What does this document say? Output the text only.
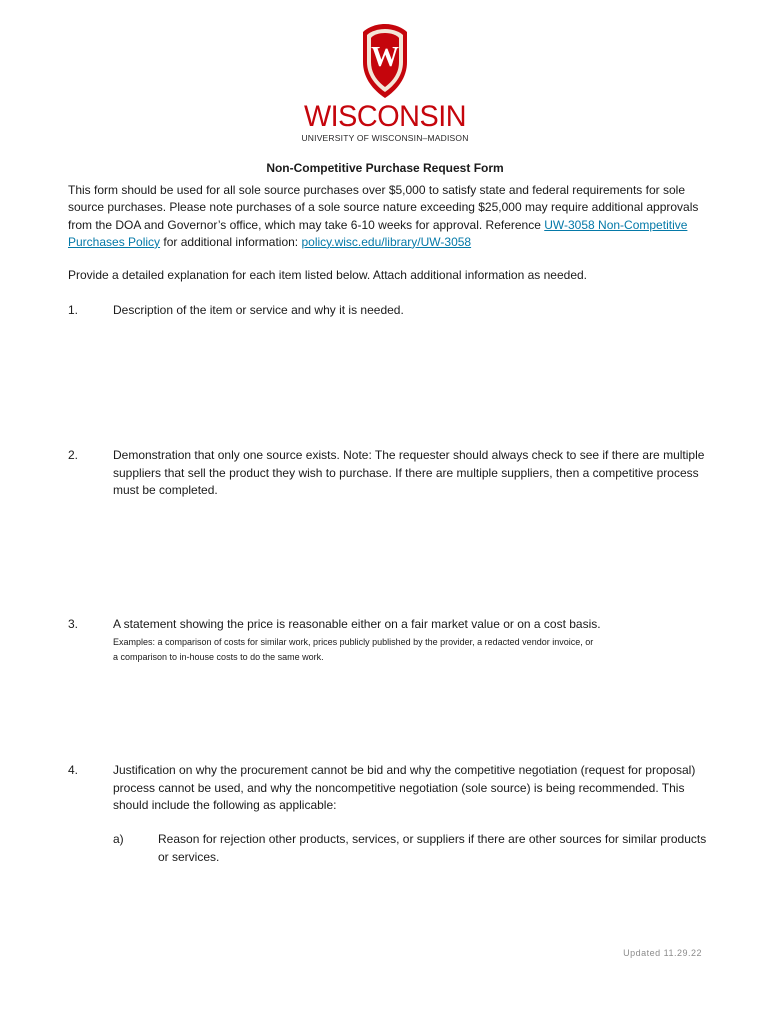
W
WISCONSIN
UNIVERSITY OF WISCONSIN–MADISON
Non-Competitive Purchase Request Form
This form should be used for all sole source purchases over $5,000 to satisfy state and federal requirements for sole source purchases. Please note purchases of a sole source nature exceeding $25,000 may require additional approvals from the DOA and Governor’s office, which may take 6-10 weeks for approval. Reference UW-3058 Non-Competitive Purchases Policy for additional information: policy.wisc.edu/library/UW-3058
Provide a detailed explanation for each item listed below. Attach additional information as needed.
1.	Description of the item or service and why it is needed.
2.	Demonstration that only one source exists. Note: The requester should always check to see if there are multiple suppliers that sell the product they wish to purchase. If there are multiple suppliers, then a competitive process must be completed.
3.	A statement showing the price is reasonable either on a fair market value or on a cost basis.
Examples: a comparison of costs for similar work, prices publicly published by the provider, a redacted vendor invoice, or
a comparison to in-house costs to do the same work.
4.	Justification on why the procurement cannot be bid and why the competitive negotiation (request for proposal) process cannot be used, and why the noncompetitive negotiation (sole source) is being recommended. This should include the following as applicable:
a)	Reason for rejection other products, services, or suppliers if there are other sources for similar products or services.
Updated 11.29.22
